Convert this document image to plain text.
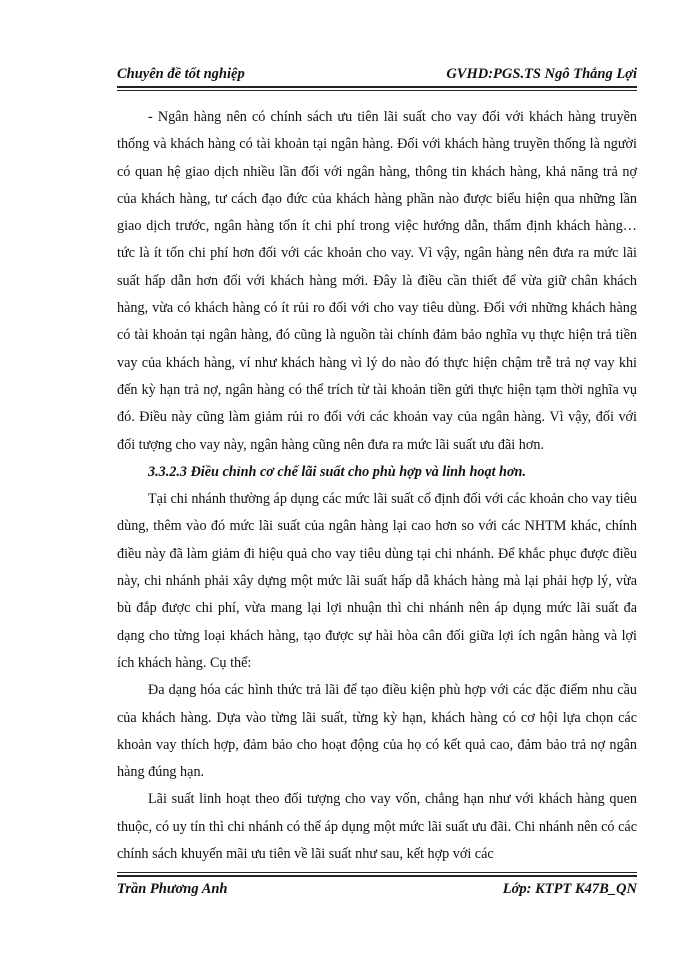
Chuyên đề tốt nghiệp	GVHD:PGS.TS Ngô Thắng Lợi

- Ngân hàng nên có chính sách ưu tiên lãi suất cho vay đối với khách hàng truyền thống và khách hàng có tài khoản tại ngân hàng. Đối với khách hàng truyền thống là người có quan hệ giao dịch nhiều lần đối với ngân hàng, thông tin khách hàng, khả năng trả nợ của khách hàng, tư cách đạo đức của khách hàng phần nào được biểu hiện qua những lần giao dịch trước, ngân hàng tốn ít chi phí trong việc hướng dẫn, thẩm định khách hàng… tức là ít tốn chi phí hơn đối với các khoản cho vay. Vì vậy, ngân hàng nên đưa ra mức lãi suất hấp dẫn hơn đối với khách hàng mới. Đây là điều cần thiết để vừa giữ chân khách hàng, vừa có khách hàng có ít rủi ro đối với cho vay tiêu dùng. Đối với những khách hàng có tài khoản tại ngân hàng, đó cũng là nguồn tài chính đảm bảo nghĩa vụ thực hiện trả tiền vay của khách hàng, ví như khách hàng vì lý do nào đó thực hiện chậm trễ trả nợ vay khi đến kỳ hạn trả nợ, ngân hàng có thể trích từ tài khoản tiền gửi thực hiện tạm thời nghĩa vụ đó. Điều này cũng làm giảm rủi ro đối với các khoản vay của ngân hàng. Vì vậy, đối với đối tượng cho vay này, ngân hàng cũng nên đưa ra mức lãi suất ưu đãi hơn.

3.3.2.3 Điều chỉnh cơ chế lãi suất cho phù hợp và linh hoạt hơn.

Tại chi nhánh thường áp dụng các mức lãi suất cố định đối với các khoản cho vay tiêu dùng, thêm vào đó mức lãi suất của ngân hàng lại cao hơn so với các NHTM khác, chính điều này đã làm giảm đi hiệu quả cho vay tiêu dùng tại chi nhánh. Để khắc phục được điều này, chi nhánh phải xây dựng một mức lãi suất hấp dẫ khách hàng mà lại phải hợp lý, vừa bù đắp được chi phí, vừa mang lại lợi nhuận thì chi nhánh nên áp dụng mức lãi suất đa dạng cho từng loại khách hàng, tạo được sự hài hòa cân đối giữa lợi ích ngân hàng và lợi ích khách hàng. Cụ thể:

Đa dạng hóa các hình thức trả lãi để tạo điều kiện phù hợp với các đặc điểm nhu cầu của khách hàng. Dựa vào từng lãi suất, từng kỳ hạn, khách hàng có cơ hội lựa chọn các khoản vay thích hợp, đảm bảo cho hoạt động của họ có kết quả cao, đảm bảo trả nợ ngân hàng đúng hạn.

Lãi suất linh hoạt theo đối tượng cho vay vốn, chẳng hạn như với khách hàng quen thuộc, có uy tín thì chi nhánh có thể áp dụng một mức lãi suất ưu đãi. Chi nhánh nên có các chính sách khuyến mãi ưu tiên về lãi suất như sau, kết hợp với các

Trần Phương Anh	Lớp: KTPT K47B_QN
